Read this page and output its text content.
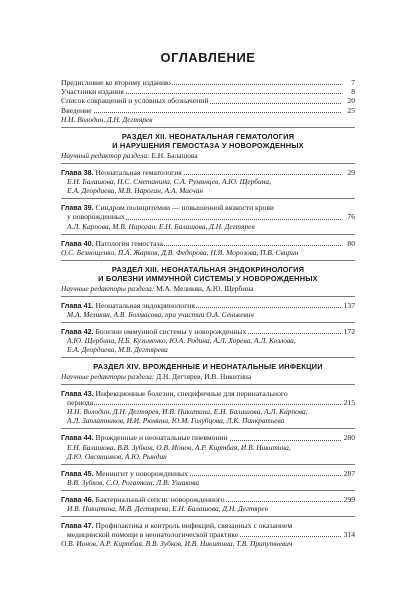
ОГЛАВЛЕНИЕ
Предисловие ко второму изданию	7
Участники издания	8
Список сокращений и условных обозначений	20
Введение	25
Н.Н. Володин, Д.Н. Дегтярев
РАЗДЕЛ XII. НЕОНАТАЛЬНАЯ ГЕМАТОЛОГИЯ
И НАРУШЕНИЯ ГЕМОСТАЗА У НОВОРОЖДЕННЫХ
Научный редактор раздела: Е.Н. Балашова
Глава 38. Неонатальная гематология	29
Е.Н. Балашова, Н.С. Сметанина, С.А. Румянцев, А.Ю. Щербина,
Е.А. Деордиева, М.В. Нароган, А.А. Масчан
Глава 39. Синдром полицитемии — повышенной вязкости крови
у новорожденных	76
А.Л. Карпова, М.В. Нароган, Е.Н. Балашова, Д.Н. Дегтярев
Глава 40. Патология гемостаза	80
О.С. Безнощенко, П.А. Жарков, Д.В. Федорова, Н.Я. Морозова, П.В. Свирин
РАЗДЕЛ XIII. НЕОНАТАЛЬНАЯ ЭНДОКРИНОЛОГИЯ
И БОЛЕЗНИ ИММУННОЙ СИСТЕМЫ У НОВОРОЖДЕННЫХ
Научные редакторы раздела: М.А. Меликян, А.Ю. Щербина
Глава 41. Неонатальная эндокринология	137
М.А. Меликян, А.В. Болмасова, при участии О.А. Сенькевич
Глава 42. Болезни иммунной системы у новорожденных	172
А.Ю. Щербина, Н.Б. Кузьменко, Ю.А. Родина, А.Л. Хорева, А.Л. Козлова,
Е.А. Деордиева, М.В. Дегтярева
РАЗДЕЛ XIV. ВРОЖДЕННЫЕ И НЕОНАТАЛЬНЫЕ ИНФЕКЦИИ
Научные редакторы раздела: Д.Н. Дегтярев, И.В. Никитина
Глава 43. Инфекционные болезни, специфичные для перинатального
периода	215
Н.Н. Володин, Д.Н. Дегтярев, И.В. Никитина, Е.Н. Балашова, А.Л. Карпова,
А.Л. Заплатников, И.И. Рюмина, Ю.М. Голубцова, Л.К. Панкратьева
Глава 44. Врожденные и неонатальные пневмонии	280
Е.Н. Балашова, В.В. Зубков, О.В. Ионов, А.Р. Киртбая, И.В. Никитина,
Д.Ю. Овсянников, А.Ю. Рындин
Глава 45. Менингит у новорожденных	287
В.В. Зубков, С.О. Рогаткин, Л.В. Ушакова
Глава 46. Бактериальный сепсис новорожденного	299
И.В. Никитина, М.В. Дегтярева, Е.Н. Балашова, Д.Н. Дегтярев
Глава 47. Профилактика и контроль инфекций, связанных с оказанием
медицинской помощи в неонатологической практике	314
О.В. Ионов, А.Р. Киртбая, В.В. Зубков, И.В. Никитина, Т.В. Припутневич
